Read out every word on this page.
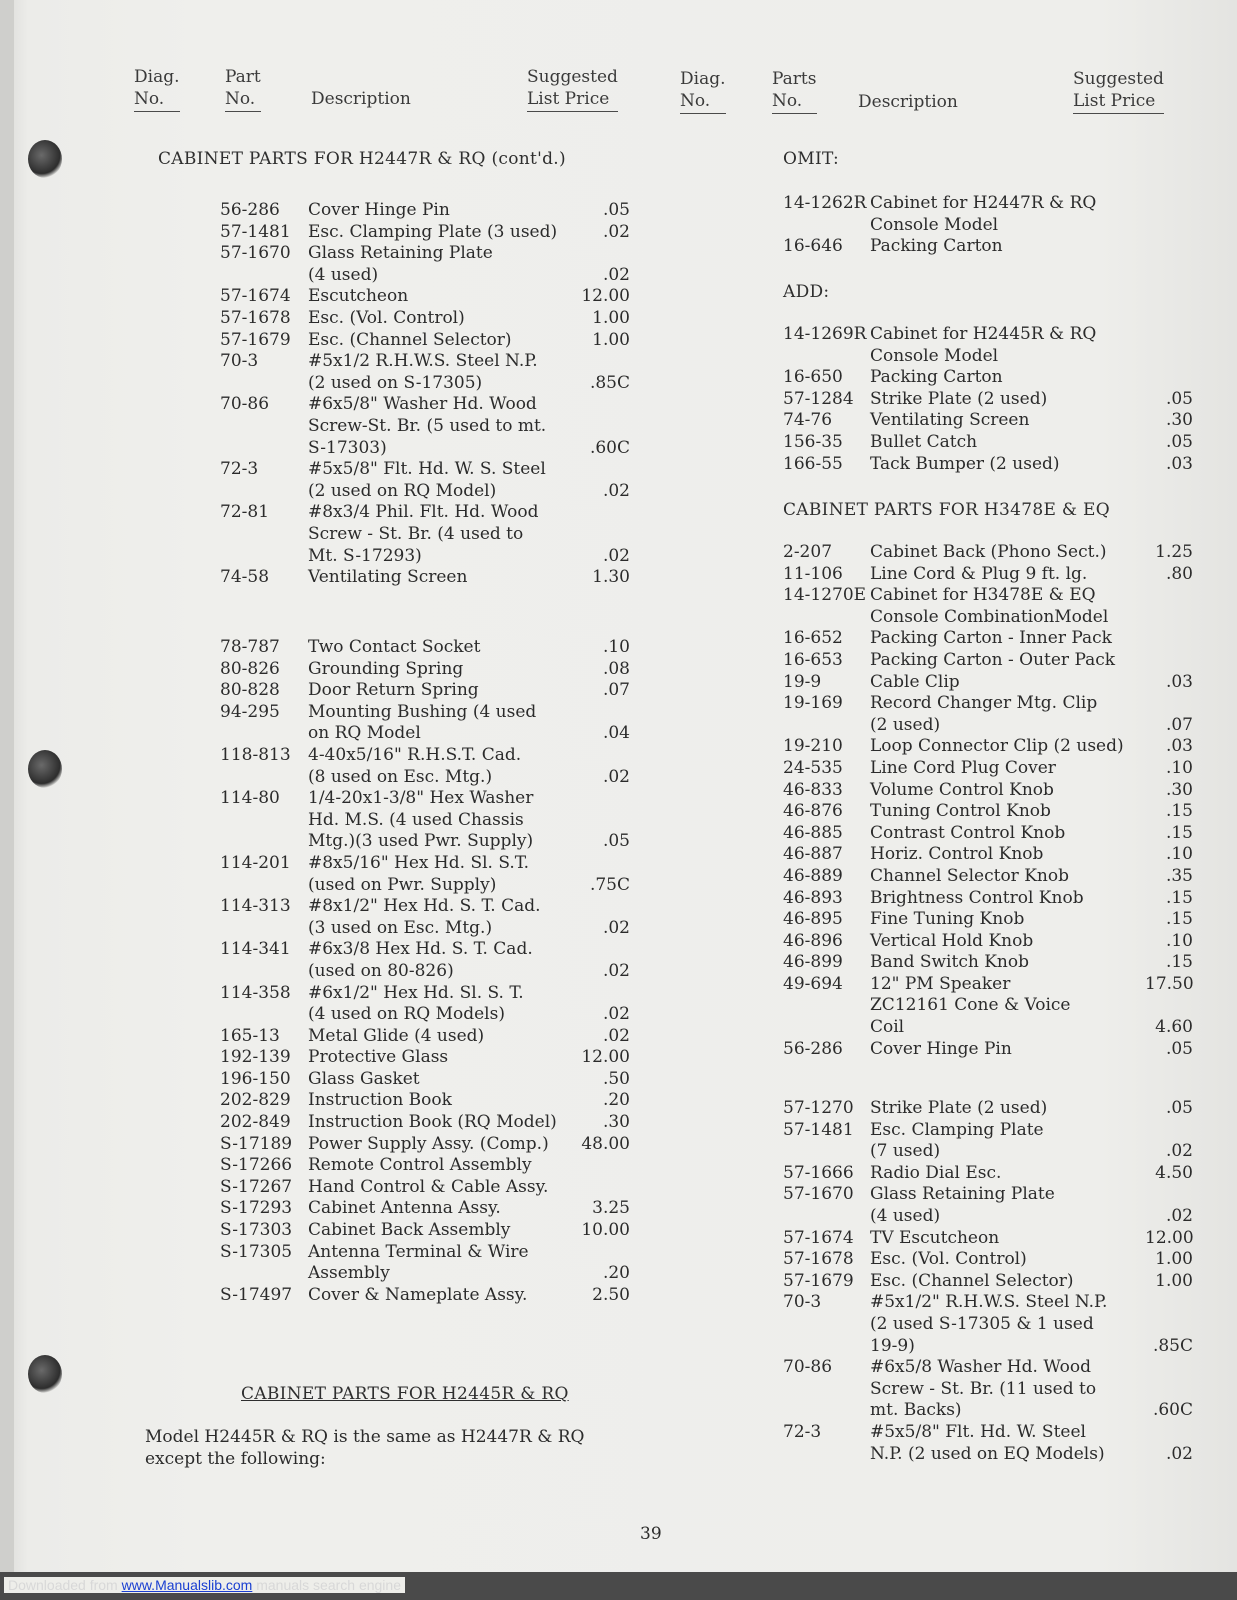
Diag.
No.
Part
No.	Description
Suggested
List Price
Diag.
No.
Parts
No.	Description
Suggested
List Price
CABINET PARTS FOR H2447R & RQ (cont'd.)
56-286	Cover Hinge Pin	.05
57-1481	Esc. Clamping Plate (3 used)	.02
57-1670	Glass Retaining Plate
(4 used)	.02
57-1674	Escutcheon	12.00
57-1678	Esc. (Vol. Control)	1.00
57-1679	Esc. (Channel Selector)	1.00
70-3	#5x1/2 R.H.W.S. Steel N.P.
(2 used on S-17305)	.85C
70-86	#6x5/8" Washer Hd. Wood
Screw-St. Br. (5 used to mt.
S-17303)	.60C
72-3	#5x5/8" Flt. Hd. W. S. Steel
(2 used on RQ Model)	.02
72-81	#8x3/4 Phil. Flt. Hd. Wood
Screw - St. Br. (4 used to
Mt. S-17293)	.02
74-58	Ventilating Screen	1.30
78-787	Two Contact Socket	.10
80-826	Grounding Spring	.08
80-828	Door Return Spring	.07
94-295	Mounting Bushing (4 used
on RQ Model	.04
118-813	4-40x5/16" R.H.S.T. Cad.
(8 used on Esc. Mtg.)	.02
114-80	1/4-20x1-3/8" Hex Washer
Hd. M.S. (4 used Chassis
Mtg.)(3 used Pwr. Supply)	.05
114-201	#8x5/16" Hex Hd. Sl. S.T.
(used on Pwr. Supply)	.75C
114-313	#8x1/2" Hex Hd. S. T. Cad.
(3 used on Esc. Mtg.)	.02
114-341	#6x3/8 Hex Hd. S. T. Cad.
(used on 80-826)	.02
114-358	#6x1/2" Hex Hd. Sl. S. T.
(4 used on RQ Models)	.02
165-13	Metal Glide (4 used)	.02
192-139	Protective Glass	12.00
196-150	Glass Gasket	.50
202-829	Instruction Book	.20
202-849	Instruction Book (RQ Model)	.30
S-17189 Power Supply Assy. (Comp.)	48.00
S-17266 Remote Control Assembly
S-17267 Hand Control & Cable Assy.
S-17293 Cabinet Antenna Assy.	3.25
S-17303 Cabinet Back Assembly	10.00
S-17305 Antenna Terminal & Wire
Assembly	.20
S-17497 Cover & Nameplate Assy.	2.50
CABINET PARTS FOR H2445R & RQ
Model H2445R & RQ is the same as H2447R & RQ
except the following:
OMIT:
14-1262R Cabinet for H2447R & RQ
Console Model
16-646	Packing Carton
ADD:
14-1269R Cabinet for H2445R & RQ
Console Model
16-650	Packing Carton
57-1284 Strike Plate (2 used)	.05
74-76	Ventilating Screen	.30
156-35	Bullet Catch	.05
166-55	Tack Bumper (2 used)	.03
CABINET PARTS FOR H3478E & EQ
2-207	Cabinet Back (Phono Sect.)	1.25
11-106	Line Cord & Plug 9 ft. lg.	.80
14-1270E Cabinet for H3478E & EQ
Console CombinationModel
16-652	Packing Carton - Inner Pack
16-653	Packing Carton - Outer Pack
19-9	Cable Clip	.03
19-169	Record Changer Mtg. Clip
(2 used)	.07
19-210	Loop Connector Clip (2 used)	.03
24-535	Line Cord Plug Cover	.10
46-833	Volume Control Knob	.30
46-876	Tuning Control Knob	.15
46-885	Contrast Control Knob	.15
46-887	Horiz. Control Knob	.10
46-889	Channel Selector Knob	.35
46-893	Brightness Control Knob	.15
46-895	Fine Tuning Knob	.15
46-896	Vertical Hold Knob	.10
46-899	Band Switch Knob	.15
49-694	12" PM Speaker	17.50
ZC12161 Cone & Voice
Coil	4.60
56-286	Cover Hinge Pin	.05
57-1270 Strike Plate (2 used)	.05
57-1481 Esc. Clamping Plate
(7 used)	.02
57-1666 Radio Dial Esc.	4.50
57-1670 Glass Retaining Plate
(4 used)	.02
57-1674 TV Escutcheon	12.00
57-1678 Esc. (Vol. Control)	1.00
57-1679 Esc. (Channel Selector)	1.00
70-3	#5x1/2" R.H.W.S. Steel N.P.
(2 used S-17305 & 1 used
19-9)	.85C
70-86	#6x5/8 Washer Hd. Wood
Screw - St. Br. (11 used to
mt. Backs)	.60C
72-3	#5x5/8" Flt. Hd. W. Steel
N.P. (2 used on EQ Models)	.02
39
Downloaded from www.Manualslib.com manuals search engine
